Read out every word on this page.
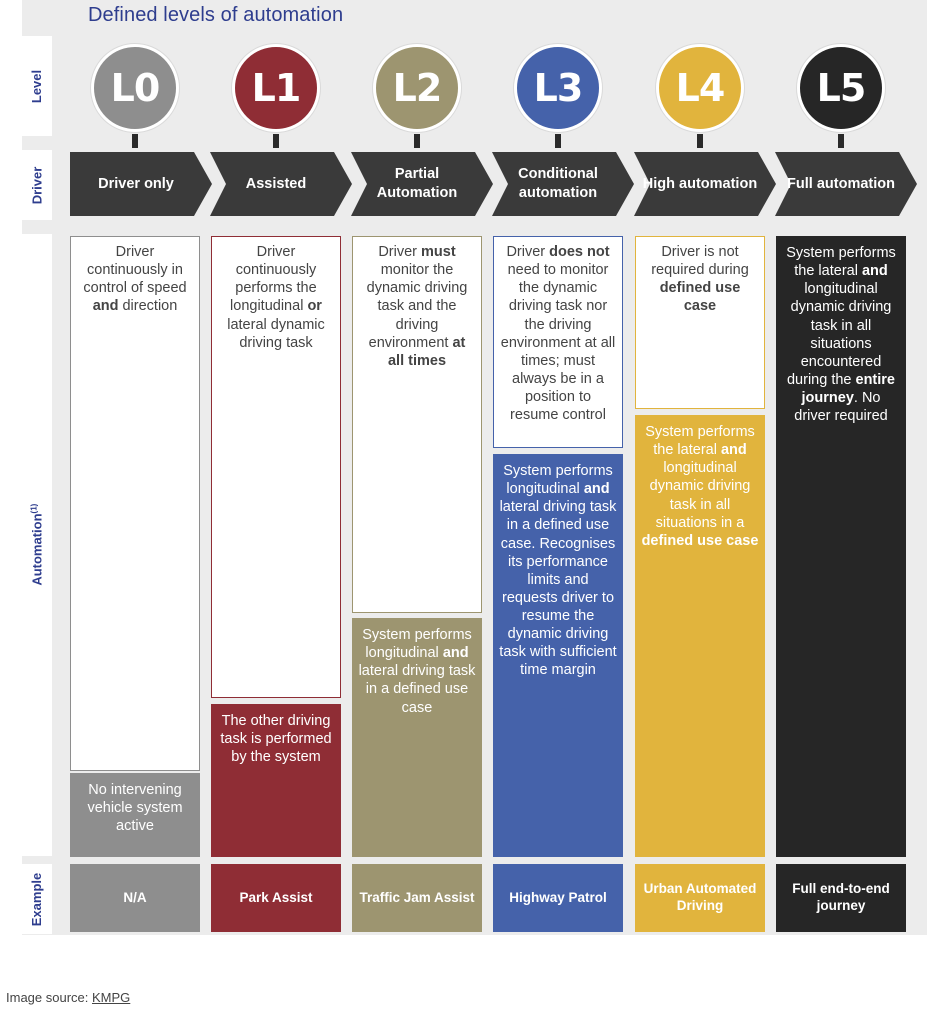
Defined levels of automation
Level
Driver
Automation$^{(1)}$
Example
L0
Driver only
Driver continuously in control of speed and direction
No intervening vehicle system active
N/A
L1
Assisted
Driver continuously performs the longitudinal or lateral dynamic driving task
The other driving task is performed by the system
Park Assist
L2
Partial Automation
Driver must monitor the dynamic driving task and the driving environment at all times
System performs longitudinal and lateral driving task in a defined use case
Traffic Jam Assist
L3
Conditional automation
Driver does not need to monitor the dynamic driving task nor the driving environment at all times; must always be in a position to resume control
System performs longitudinal and lateral driving task in a defined use case. Recognises its performance limits and requests driver to resume the dynamic driving task with sufficient time margin
Highway Patrol
L4
High automation
Driver is not required during defined use case
System performs the lateral and longitudinal dynamic driving task in all situations in a defined use case
Urban Automated Driving
L5
Full automation
System performs the lateral and longitudinal dynamic driving task in all situations encountered during the entire journey. No driver required
Full end-to-end journey
Image source: KMPG
